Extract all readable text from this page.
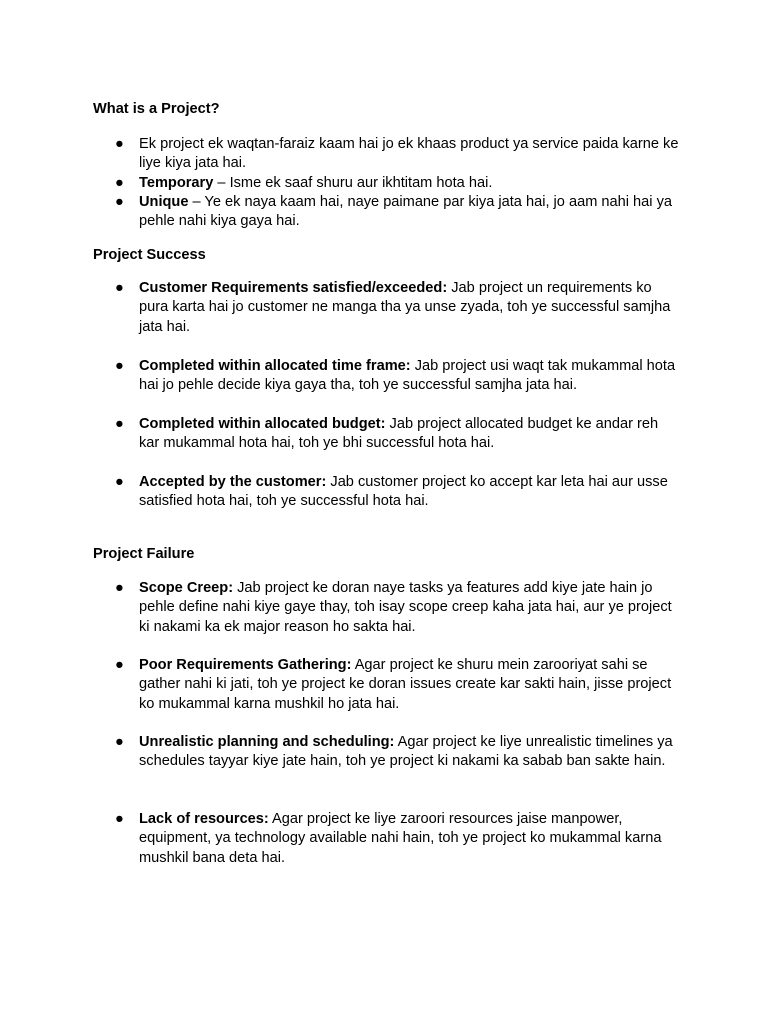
What is a Project?
●	Ek project ek waqtan-faraiz kaam hai jo ek khaas product ya service paida karne ke liye kiya jata hai.
●	Temporary – Isme ek saaf shuru aur ikhtitam hota hai.
●	Unique – Ye ek naya kaam hai, naye paimane par kiya jata hai, jo aam nahi hai ya pehle nahi kiya gaya hai.
Project Success
●	Customer Requirements satisfied/exceeded: Jab project un requirements ko pura karta hai jo customer ne manga tha ya unse zyada, toh ye successful samjha jata hai.
●	Completed within allocated time frame: Jab project usi waqt tak mukammal hota hai jo pehle decide kiya gaya tha, toh ye successful samjha jata hai.
●	Completed within allocated budget: Jab project allocated budget ke andar reh kar mukammal hota hai, toh ye bhi successful hota hai.
●	Accepted by the customer: Jab customer project ko accept kar leta hai aur usse satisfied hota hai, toh ye successful hota hai.
Project Failure
●	Scope Creep: Jab project ke doran naye tasks ya features add kiye jate hain jo pehle define nahi kiye gaye thay, toh isay scope creep kaha jata hai, aur ye project ki nakami ka ek major reason ho sakta hai.
●	Poor Requirements Gathering: Agar project ke shuru mein zarooriyat sahi se gather nahi ki jati, toh ye project ke doran issues create kar sakti hain, jisse project ko mukammal karna mushkil ho jata hai.
●	Unrealistic planning and scheduling: Agar project ke liye unrealistic timelines ya schedules tayyar kiye jate hain, toh ye project ki nakami ka sabab ban sakte hain.
●	Lack of resources: Agar project ke liye zaroori resources jaise manpower, equipment, ya technology available nahi hain, toh ye project ko mukammal karna mushkil bana deta hai.
